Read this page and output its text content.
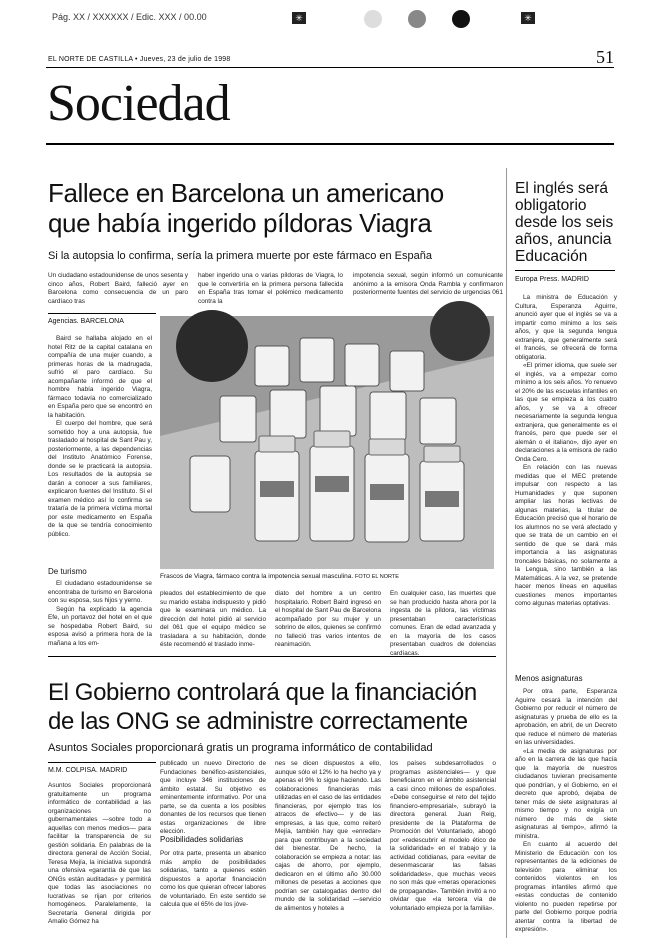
Pág. XX / XXXXXX / Edic. XXX / 00.00	✳	✳
EL NORTE DE CASTILLA • Jueves, 23 de julio de 1998	51
Sociedad
Fallece en Barcelona un americano
que había ingerido píldoras Viagra
Si la autopsia lo confirma, sería la primera muerte por este fármaco en España
Un ciudadano estadounidense de unos sesenta y cinco años, Robert Baird, falleció ayer en Barcelona como consecuencia de un paro cardíaco tras
haber ingerido una o varias píldoras de Viagra, lo que le convertiría en la primera persona fallecida en España tras tomar el polémico medicamento contra la
impotencia sexual, según informó un comunicante anónimo a la emisora Onda Rambla y confirmaron posteriormente fuentes del servicio de urgencias 061
Agencias. BARCELONA

Baird se hallaba alojado en el hotel Ritz de la capital catalana en compañía de una mujer cuando, a primeras horas de la madrugada, sufrió el paro cardíaco. Su acompañante informó de que el hombre había ingerido Viagra, fármaco todavía no comercializado en España pero que se encontró en la habitación.

El cuerpo del hombre, que será sometido hoy a una autopsia, fue trasladado al hospital de Sant Pau y, posteriormente, a las dependencias del Instituto Anatómico Forense, donde se le practicará la autopsia. Los resultados de la autopsia se darán a conocer a sus familiares, explicaron fuentes del Instituto. Si el examen médico así lo confirma se trataría de la primera víctima mortal por este medicamento en España de la que se tendría conocimiento público.

De turismo

El ciudadano estadounidense se encontraba de turismo en Barcelona con su esposa, sus hijos y yerno.

Según ha explicado la agencia Efe, un portavoz del hotel en el que se hospedaba Robert Baird, su esposa avisó a primera hora de la mañana a los em-

Frascos de Viagra, fármaco contra la impotencia sexual masculina. FOTO EL NORTE
pleados del establecimiento de que su marido estaba indispuesto y pidió que le examinara un médico. La dirección del hotel pidió al servicio del 061 que el equipo médico se trasladara a su habitación, donde éste recomendó el traslado inme-
diato del hombre a un centro hospitalario. Robert Baird ingresó en el hospital de Sant Pau de Barcelona acompañado por su mujer y un sobrino de ellos, quienes se confirmó no falleció tras varios intentos de reanimación.
En cualquier caso, las muertes que se han producido hasta ahora por la ingesta de la píldora, las víctimas presentaban características comunes. Eran de edad avanzada y en la mayoría de los casos presentaban cuadros de dolencias cardíacas.
El inglés será obligatorio desde los seis años, anuncia Educación
Europa Press. MADRID

La ministra de Educación y Cultura, Esperanza Aguirre, anunció ayer que el inglés se va a impartir como mínimo a los seis años, y que la segunda lengua extranjera, que generalmente será el francés, se ofrecerá de forma obligatoria.

«El primer idioma, que suele ser el inglés, va a empezar como mínimo a los seis años. Yo renuevo el 20% de las escuelas infantiles en las que se empieza a los cuatro años, y se va a ofrecer necesariamente la segunda lengua extranjera, que generalmente es el francés, pero que puede ser el alemán o el italiano», dijo ayer en declaraciones a la emisora de radio Onda Cero.

En relación con las nuevas medidas que el MEC pretende impulsar con respecto a las Humanidades y que suponen ampliar las horas lectivas de algunas materias, la titular de Educación precisó que el horario de los alumnos no se verá afectado y que se trata de un cambio en el sentido de que se dará más importancia a las asignaturas troncales básicas, no solamente a la Lengua, sino también a las Matemáticas. A la vez, se pretende hacer menos líneas en aquellas cuestiones menos importantes como algunas materias optativas.

Menos asignaturas

Por otra parte, Esperanza Aguirre cesará la intención del Gobierno por reducir el número de asignaturas y prueba de ello es la aprobación, en abril, de un Decreto que reduce el número de materias en las universidades.

«La media de asignaturas por año en la carrera de las que hacía que la mayoría de nuestros ciudadanos tuvieran precisamente que pondrían, y el Gobierno, en el decreto que aprobó, dejaba de tener más de siete asignaturas al mismo tiempo y no exigía un número de más de siete asignaturas al tiempo», afirmó la ministra.

En cuanto al acuerdo del Ministerio de Educación con los representantes de la ediciones de televisión para eliminar los contenidos violentos en los programas infantiles afirmó que «estas conductas de contenido violento no pueden repetirse por parte del Gobierno porque podría atentar contra la libertad de expresión».

El Gobierno controlará que la financiación
de las ONG se administre correctamente
Asuntos Sociales proporcionará gratis un programa informático de contabilidad
M.M. COLPISA. MADRID
Asuntos Sociales proporcionará gratuitamente un programa informático de contabilidad a las organizaciones no gubernamentales —sobre todo a aquellas con menos medios— para facilitar la transparencia de su gestión solidaria. En palabras de la directora general de Acción Social, Teresa Mejía, la iniciativa supondrá una ofensiva «garantía de que las ONGs están auditadas» y permitirá que todas las asociaciones no lucrativas se rijan por criterios homogéneos. Paralelamente, la Secretaría General dirigida por Amalio Gómez ha
publicado un nuevo Directorio de Fundaciones benéfico-asistenciales, que incluye 346 instituciones de ámbito estatal. Su objetivo es eminentemente informativo. Por una parte, se da cuenta a los posibles donantes de los recursos que tienen estas organizaciones de libre elección.
Posibilidades solidarias
Por otra parte, presenta un abanico más amplio de posibilidades solidarias, tanto a quienes estén dispuestos a aportar financiación como los que quieran ofrecer labores de voluntariado. En este sentido se calcula que el 65% de los jóve-
nes se dicen dispuestos a ello, aunque sólo el 12% lo ha hecho ya y apenas el 9% lo sigue haciendo. Las colaboraciones financieras más utilizadas en el caso de las entidades financieras, por ejemplo tras los atracos de efectivo— y de las empresas, a las que, como reiteró Mejía, también hay que «enredar» para que contribuyan a la sociedad del bienestar. De hecho, la colaboración se empieza a notar: las cajas de ahorro, por ejemplo, dedicaron en el último año 30.000 millones de pesetas a acciones que podrían ser catalogadas dentro del mundo de la solidaridad —servicio de alimentos y hoteles a
los países subdesarrollados o programas asistenciales— y que beneficiaron en el ámbito asistencial a casi cinco millones de españoles. «Debe conseguirse el reto del tejido financiero-empresarial», subrayó la directora general. Juan Reig, presidente de la Plataforma de Promoción del Voluntariado, abogó por «redescubrir el modelo ético de la solidaridad» en el trabajo y la actividad cotidianas, para «evitar de desenmascarar las falsas solidaridades», que muchas veces no son más que «meras operaciones de propaganda». También invitó a no olvidar que «la tercera vía de voluntariado empieza por la familia».
